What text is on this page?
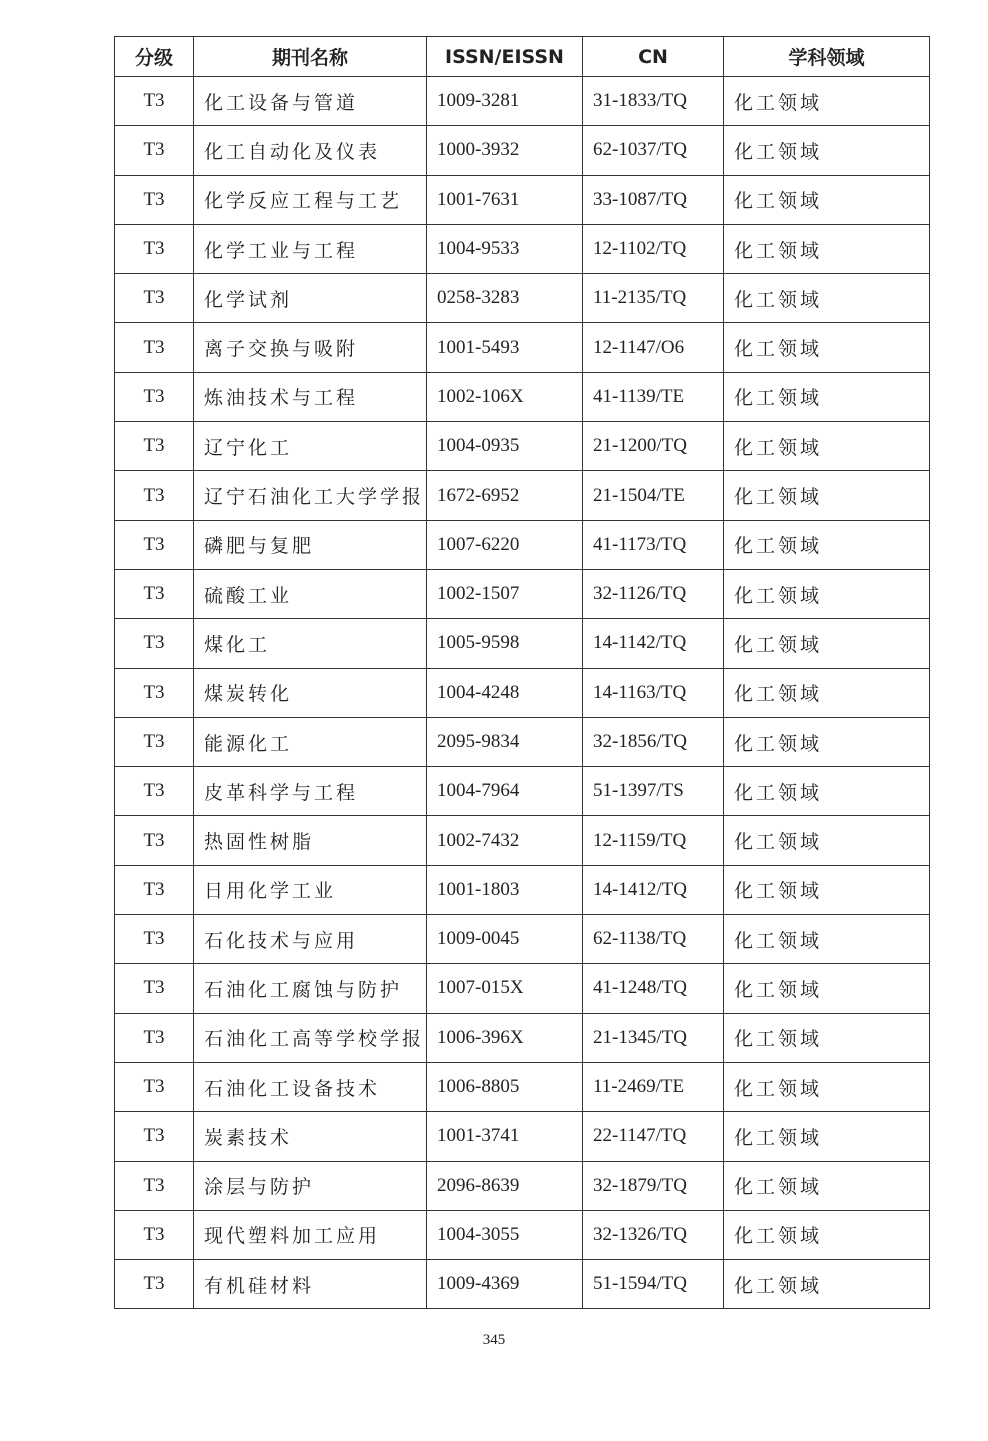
分级	期刊名称	ISSN/EISSN	CN	学科领域
T3	化工设备与管道	1009-3281	31-1833/TQ	化工领域
T3	化工自动化及仪表	1000-3932	62-1037/TQ	化工领域
T3	化学反应工程与工艺	1001-7631	33-1087/TQ	化工领域
T3	化学工业与工程	1004-9533	12-1102/TQ	化工领域
T3	化学试剂	0258-3283	11-2135/TQ	化工领域
T3	离子交换与吸附	1001-5493	12-1147/O6	化工领域
T3	炼油技术与工程	1002-106X	41-1139/TE	化工领域
T3	辽宁化工	1004-0935	21-1200/TQ	化工领域
T3	辽宁石油化工大学学报	1672-6952	21-1504/TE	化工领域
T3	磷肥与复肥	1007-6220	41-1173/TQ	化工领域
T3	硫酸工业	1002-1507	32-1126/TQ	化工领域
T3	煤化工	1005-9598	14-1142/TQ	化工领域
T3	煤炭转化	1004-4248	14-1163/TQ	化工领域
T3	能源化工	2095-9834	32-1856/TQ	化工领域
T3	皮革科学与工程	1004-7964	51-1397/TS	化工领域
T3	热固性树脂	1002-7432	12-1159/TQ	化工领域
T3	日用化学工业	1001-1803	14-1412/TQ	化工领域
T3	石化技术与应用	1009-0045	62-1138/TQ	化工领域
T3	石油化工腐蚀与防护	1007-015X	41-1248/TQ	化工领域
T3	石油化工高等学校学报	1006-396X	21-1345/TQ	化工领域
T3	石油化工设备技术	1006-8805	11-2469/TE	化工领域
T3	炭素技术	1001-3741	22-1147/TQ	化工领域
T3	涂层与防护	2096-8639	32-1879/TQ	化工领域
T3	现代塑料加工应用	1004-3055	32-1326/TQ	化工领域
T3	有机硅材料	1009-4369	51-1594/TQ	化工领域
345
